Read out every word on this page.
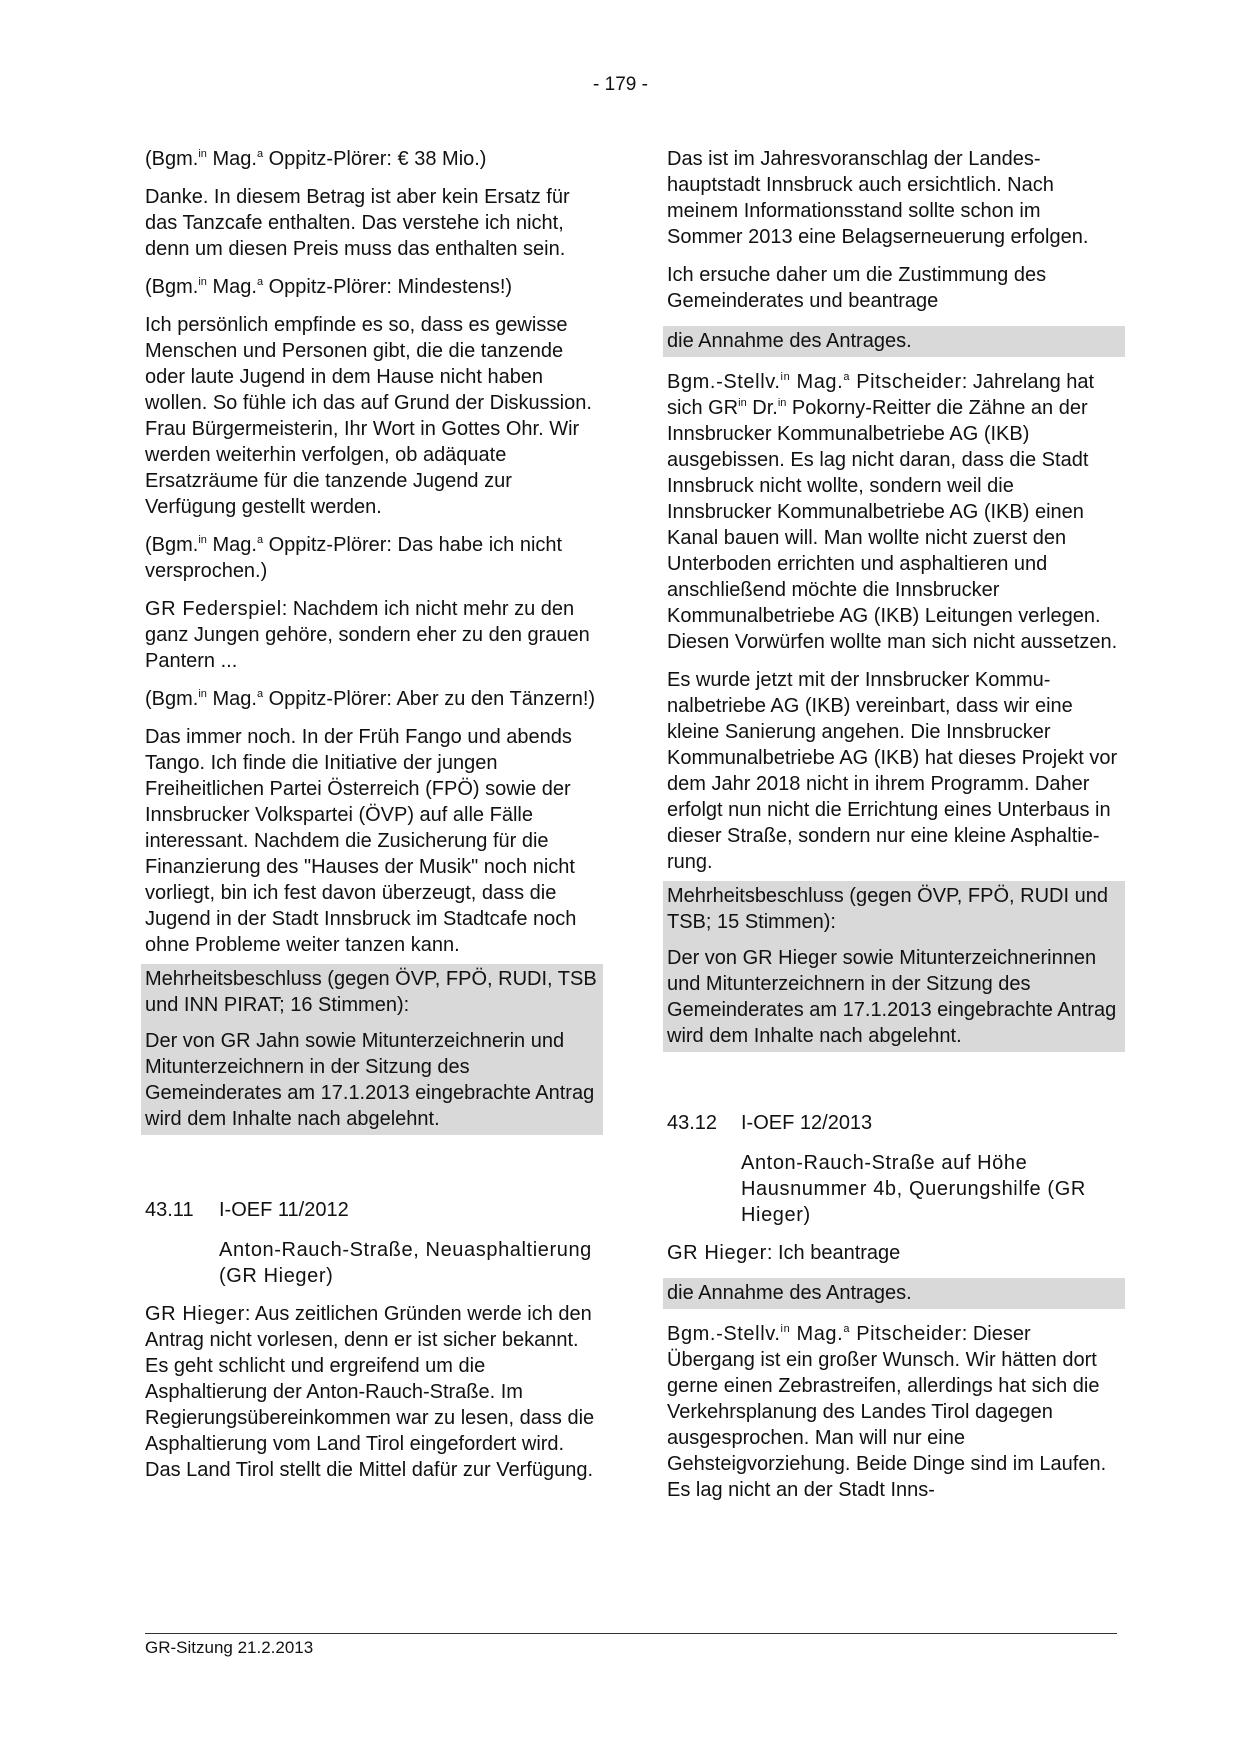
- 179 -

(Bgm.$^{in}$ Mag.$^a$ Oppitz-Plörer: € 38 Mio.)

Danke. In diesem Betrag ist aber kein Ersatz für das Tanzcafe enthalten. Das verstehe ich nicht, denn um diesen Preis muss das enthalten sein.

(Bgm.$^{in}$ Mag.$^a$ Oppitz-Plörer: Mindestens!)

Ich persönlich empfinde es so, dass es gewisse Menschen und Personen gibt, die die tanzende oder laute Jugend in dem Hause nicht haben wollen. So fühle ich das auf Grund der Diskussion. Frau Bürgermeisterin, Ihr Wort in Gottes Ohr. Wir werden weiterhin verfolgen, ob adäquate Ersatzräume für die tanzende Jugend zur Verfügung gestellt werden.

(Bgm.$^{in}$ Mag.$^a$ Oppitz-Plörer: Das habe ich nicht versprochen.)

GR Federspiel: Nachdem ich nicht mehr zu den ganz Jungen gehöre, sondern eher zu den grauen Pantern ...

(Bgm.$^{in}$ Mag.$^a$ Oppitz-Plörer: Aber zu den Tänzern!)

Das immer noch. In der Früh Fango und abends Tango. Ich finde die Initiative der jungen Freiheitlichen Partei Österreich (FPÖ) sowie der Innsbrucker Volkspartei (ÖVP) auf alle Fälle interessant. Nachdem die Zusicherung für die Finanzierung des "Hauses der Musik" noch nicht vorliegt, bin ich fest davon überzeugt, dass die Jugend in der Stadt Innsbruck im Stadtcafe noch ohne Probleme weiter tanzen kann.

Mehrheitsbeschluss (gegen ÖVP, FPÖ, RUDI, TSB und INN PIRAT; 16 Stimmen):
Der von GR Jahn sowie Mitunterzeichnerin und Mitunterzeichnern in der Sitzung des Gemeinderates am 17.1.2013 eingebrachte Antrag wird dem Inhalte nach abgelehnt.
43.11 I-OEF 11/2012
Anton-Rauch-Straße, Neuasphaltierung (GR Hieger)

GR Hieger: Aus zeitlichen Gründen werde ich den Antrag nicht vorlesen, denn er ist sicher bekannt. Es geht schlicht und ergreifend um die Asphaltierung der Anton-Rauch-Straße. Im Regierungsübereinkommen war zu lesen, dass die Asphaltierung vom Land Tirol eingefordert wird. Das Land Tirol stellt die Mittel dafür zur Verfügung.

Das ist im Jahresvoranschlag der Landeshauptstadt Innsbruck auch ersichtlich. Nach meinem Informationsstand sollte schon im Sommer 2013 eine Belagserneuerung erfolgen.

Ich ersuche daher um die Zustimmung des Gemeinderates und beantrage

die Annahme des Antrages.

Bgm.-Stellv.$^{in}$ Mag.$^a$ Pitscheider: Jahrelang hat sich $GR^{in}$ Dr.$^{in}$ Pokorny-Reitter die Zähne an der Innsbrucker Kommunalbetriebe AG (IKB) ausgebissen. Es lag nicht daran, dass die Stadt Innsbruck nicht wollte, sondern weil die Innsbrucker Kommunalbetriebe AG (IKB) einen Kanal bauen will. Man wollte nicht zuerst den Unterboden errichten und asphaltieren und anschließend möchte die Innsbrucker Kommunalbetriebe AG (IKB) Leitungen verlegen. Diesen Vorwürfen wollte man sich nicht aussetzen.

Es wurde jetzt mit der Innsbrucker Kommunalbetriebe AG (IKB) vereinbart, dass wir eine kleine Sanierung angehen. Die Innsbrucker Kommunalbetriebe AG (IKB) hat dieses Projekt vor dem Jahr 2018 nicht in ihrem Programm. Daher erfolgt nun nicht die Errichtung eines Unterbaus in dieser Straße, sondern nur eine kleine Asphaltierung.

Mehrheitsbeschluss (gegen ÖVP, FPÖ, RUDI und TSB; 15 Stimmen):
Der von GR Hieger sowie Mitunterzeichnerinnen und Mitunterzeichnern in der Sitzung des Gemeinderates am 17.1.2013 eingebrachte Antrag wird dem Inhalte nach abgelehnt.
43.12 I-OEF 12/2013
Anton-Rauch-Straße auf Höhe Hausnummer 4b, Querungshilfe (GR Hieger)

GR Hieger: Ich beantrage

die Annahme des Antrages.

Bgm.-Stellv.$^{in}$ Mag.$^a$ Pitscheider: Dieser Übergang ist ein großer Wunsch. Wir hätten dort gerne einen Zebrastreifen, allerdings hat sich die Verkehrsplanung des Landes Tirol dagegen ausgesprochen. Man will nur eine Gehsteigvorziehung. Beide Dinge sind im Laufen. Es lag nicht an der Stadt Inns-

GR-Sitzung 21.2.2013
